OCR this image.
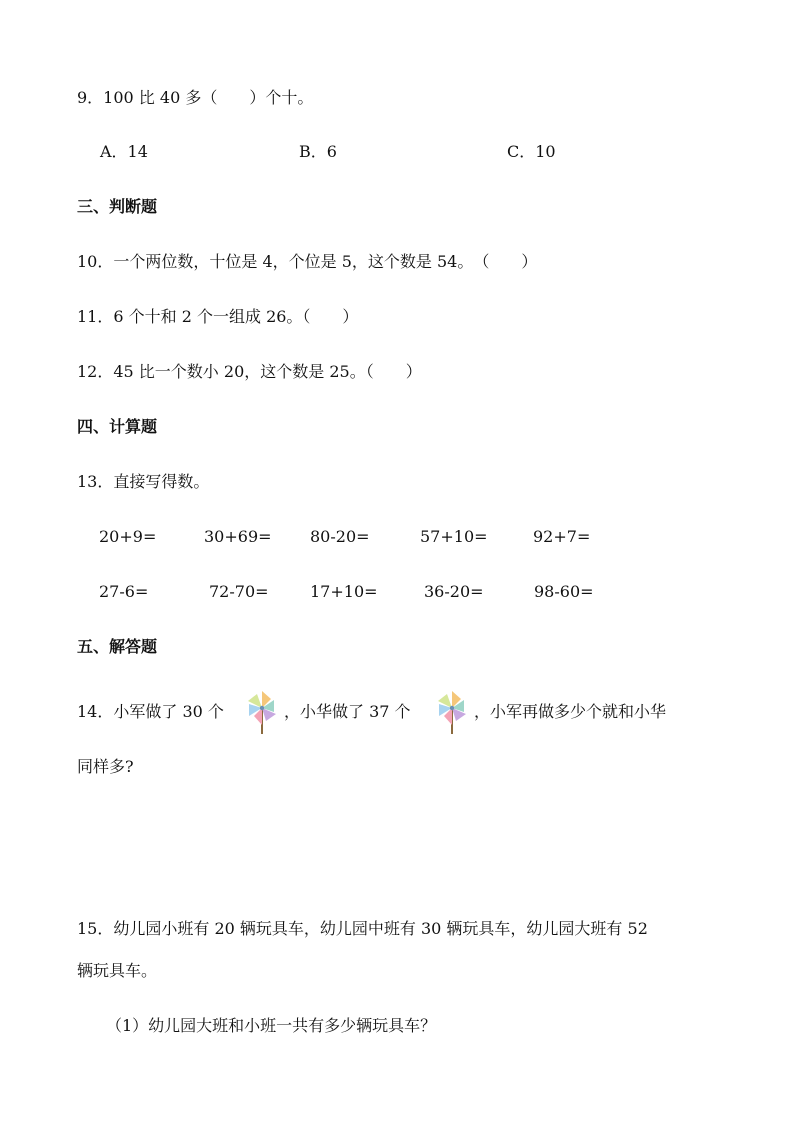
9．100 比 40 多（　　）个十。
A．14	B．6	C．10
三、判断题
10．一个两位数，十位是 4，个位是 5，这个数是 54。　（　　）
11．6 个十和 2 个一组成 26。（　　）
12．45 比一个数小 20，这个数是 25。（　　）
四、计算题
13．直接写得数。
20+9=	30+69= 80-20=	57+10=	92+7=
27-6=	72-70=	17+10=	36-20=	98-60=
五、解答题
14．小军做了 30 个	，小华做了 37 个	，小军再做多少个就和小华
同样多?
15．幼儿园小班有 20 辆玩具车，幼儿园中班有 30 辆玩具车，幼儿园大班有 52
辆玩具车。
（1）幼儿园大班和小班一共有多少辆玩具车？
